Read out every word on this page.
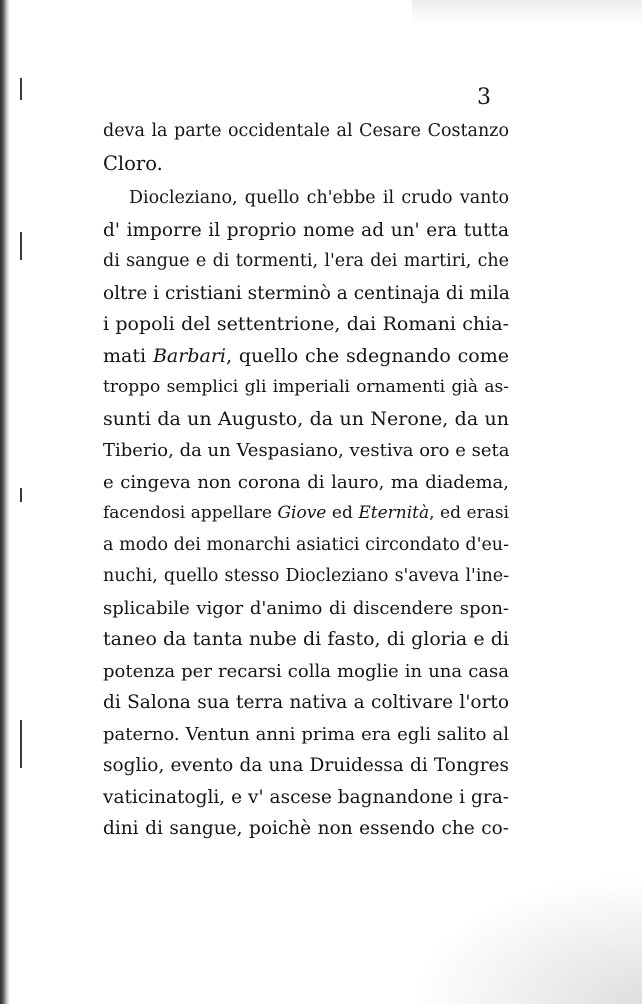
3
deva la parte occidentale al Cesare Costanzo
Cloro.
Diocleziano, quello ch'ebbe il crudo vanto
d' imporre il proprio nome ad un' era tutta
di sangue e di tormenti, l'era dei martiri, che
oltre i cristiani sterminò a centinaja di mila
i popoli del settentrione, dai Romani chia-
mati Barbari, quello che sdegnando come
troppo semplici gli imperiali ornamenti già as-
sunti da un Augusto, da un Nerone, da un
Tiberio, da un Vespasiano, vestiva oro e seta
e cingeva non corona di lauro, ma diadema,
facendosi appellare Giove ed Eternità, ed erasi
a modo dei monarchi asiatici circondato d'eu-
nuchi, quello stesso Diocleziano s'aveva l'ine-
splicabile vigor d'animo di discendere spon-
taneo da tanta nube di fasto, di gloria e di
potenza per recarsi colla moglie in una casa
di Salona sua terra nativa a coltivare l'orto
paterno. Ventun anni prima era egli salito al
soglio, evento da una Druidessa di Tongres
vaticinatogli, e v' ascese bagnandone i gra-
dini di sangue, poichè non essendo che co-
